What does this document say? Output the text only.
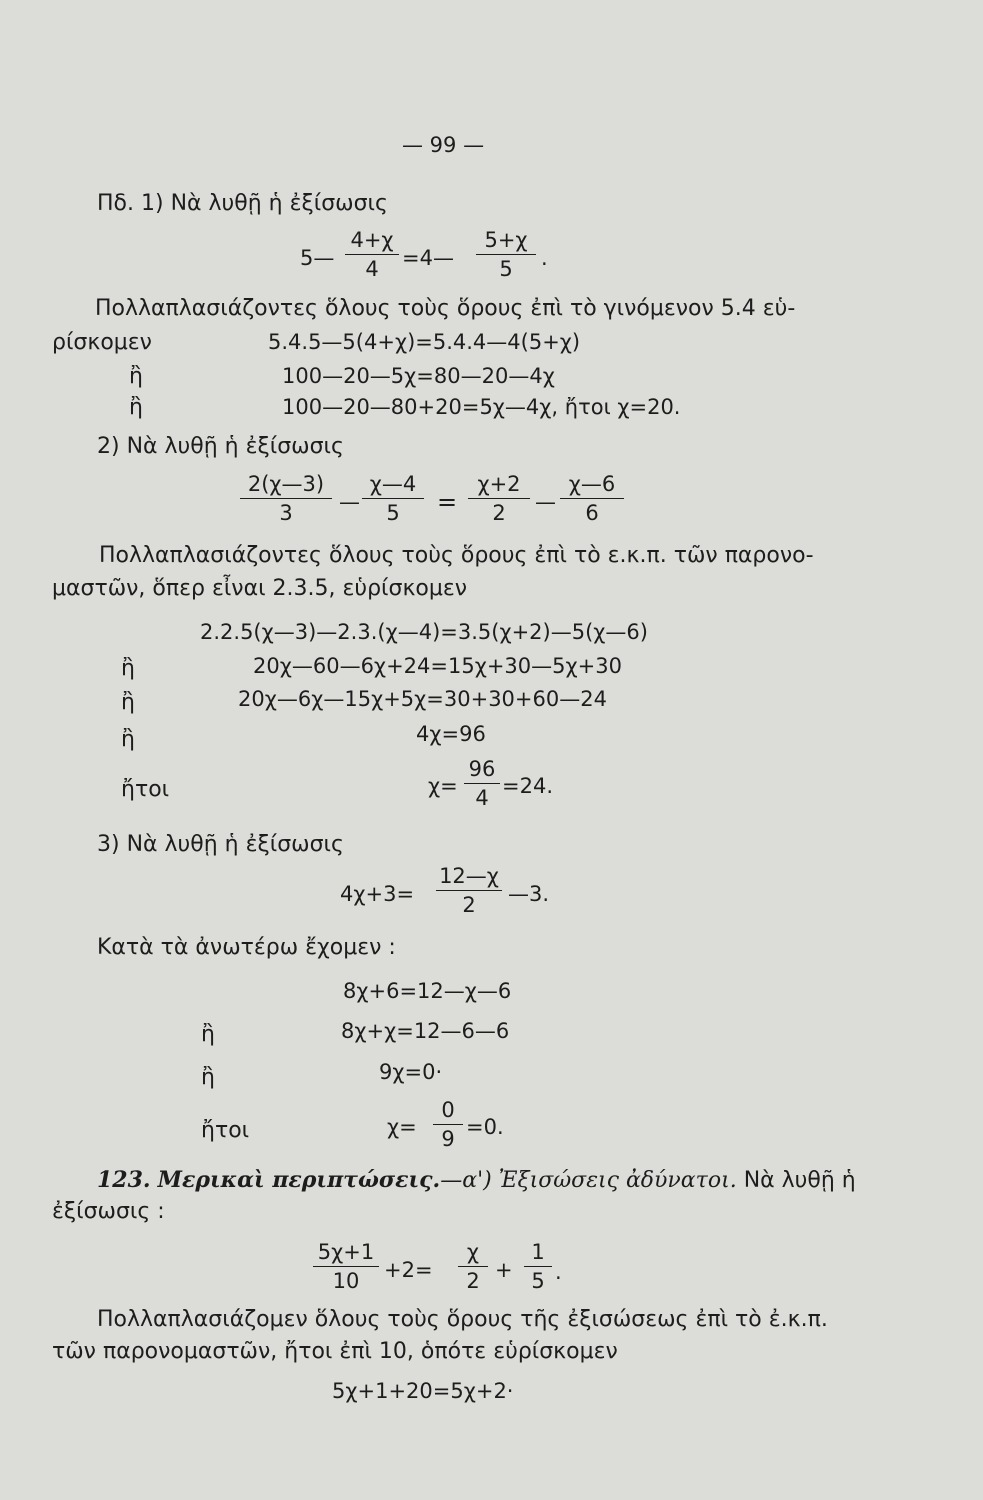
— 99 —
Πδ. 1) Νὰ λυθῇ ἡ ἐξίσωσις
5— $\frac{4+\chi}{4}$ =4— $\frac{5+\chi}{5}$ .
Πολλαπλασιάζοντες ὅλους τοὺς ὅρους ἐπὶ τὸ γινόμενον 5.4 εὑ-
ρίσκομεν	5.4.5—5(4+χ)=5.4.4—4(5+χ)
ἢ	100—20—5χ=80—20—4χ
ἢ	100—20—80+20=5χ—4χ, ἤτοι χ=20.
2) Νὰ λυθῇ ἡ ἐξίσωσις
$\frac{2(\chi—3)}{3}$ — $\frac{\chi—4}{5} = \frac{\chi+2}{2}$ — $\frac{\chi—6}{6}$
Πολλαπλασιάζοντες ὅλους τοὺς ὅρους ἐπὶ τὸ ε.κ.π. τῶν παρονο-
μαστῶν, ὅπερ εἶναι 2.3.5, εὑρίσκομεν
2.2.5(χ—3)—2.3.(χ—4)=3.5(χ+2)—5(χ—6)
ἢ	20χ—60—6χ+24=15χ+30—5χ+30
ἢ	20χ—6χ—15χ+5χ=30+30+60—24
ἢ	4χ=96
ἤτοι	$\chi= \frac{96}{4} =24$.
3) Νὰ λυθῇ ἡ ἐξίσωσις
$4\chi+3= \frac{12—\chi}{2}$ —3.
Κατὰ τὰ ἀνωτέρω ἔχομεν :
8χ+6=12—χ—6
ἢ	8χ+χ=12—6—6
ἢ	9χ=0·
ἤτοι	$\chi= \frac{0}{9} =0$.
123. Μερικαὶ περιπτώσεις.—α') Ἐξισώσεις ἀδύνατοι. Νὰ λυθῇ ἡ
ἐξίσωσις :
$\frac{5\chi+1}{10} +2= \frac{\chi}{2} + \frac{1}{5}$ .
Πολλαπλασιάζομεν ὅλους τοὺς ὅρους τῆς ἐξισώσεως ἐπὶ τὸ ἐ.κ.π.
τῶν παρονομαστῶν, ἤτοι ἐπὶ 10, ὁπότε εὑρίσκομεν
5χ+1+20=5χ+2·
